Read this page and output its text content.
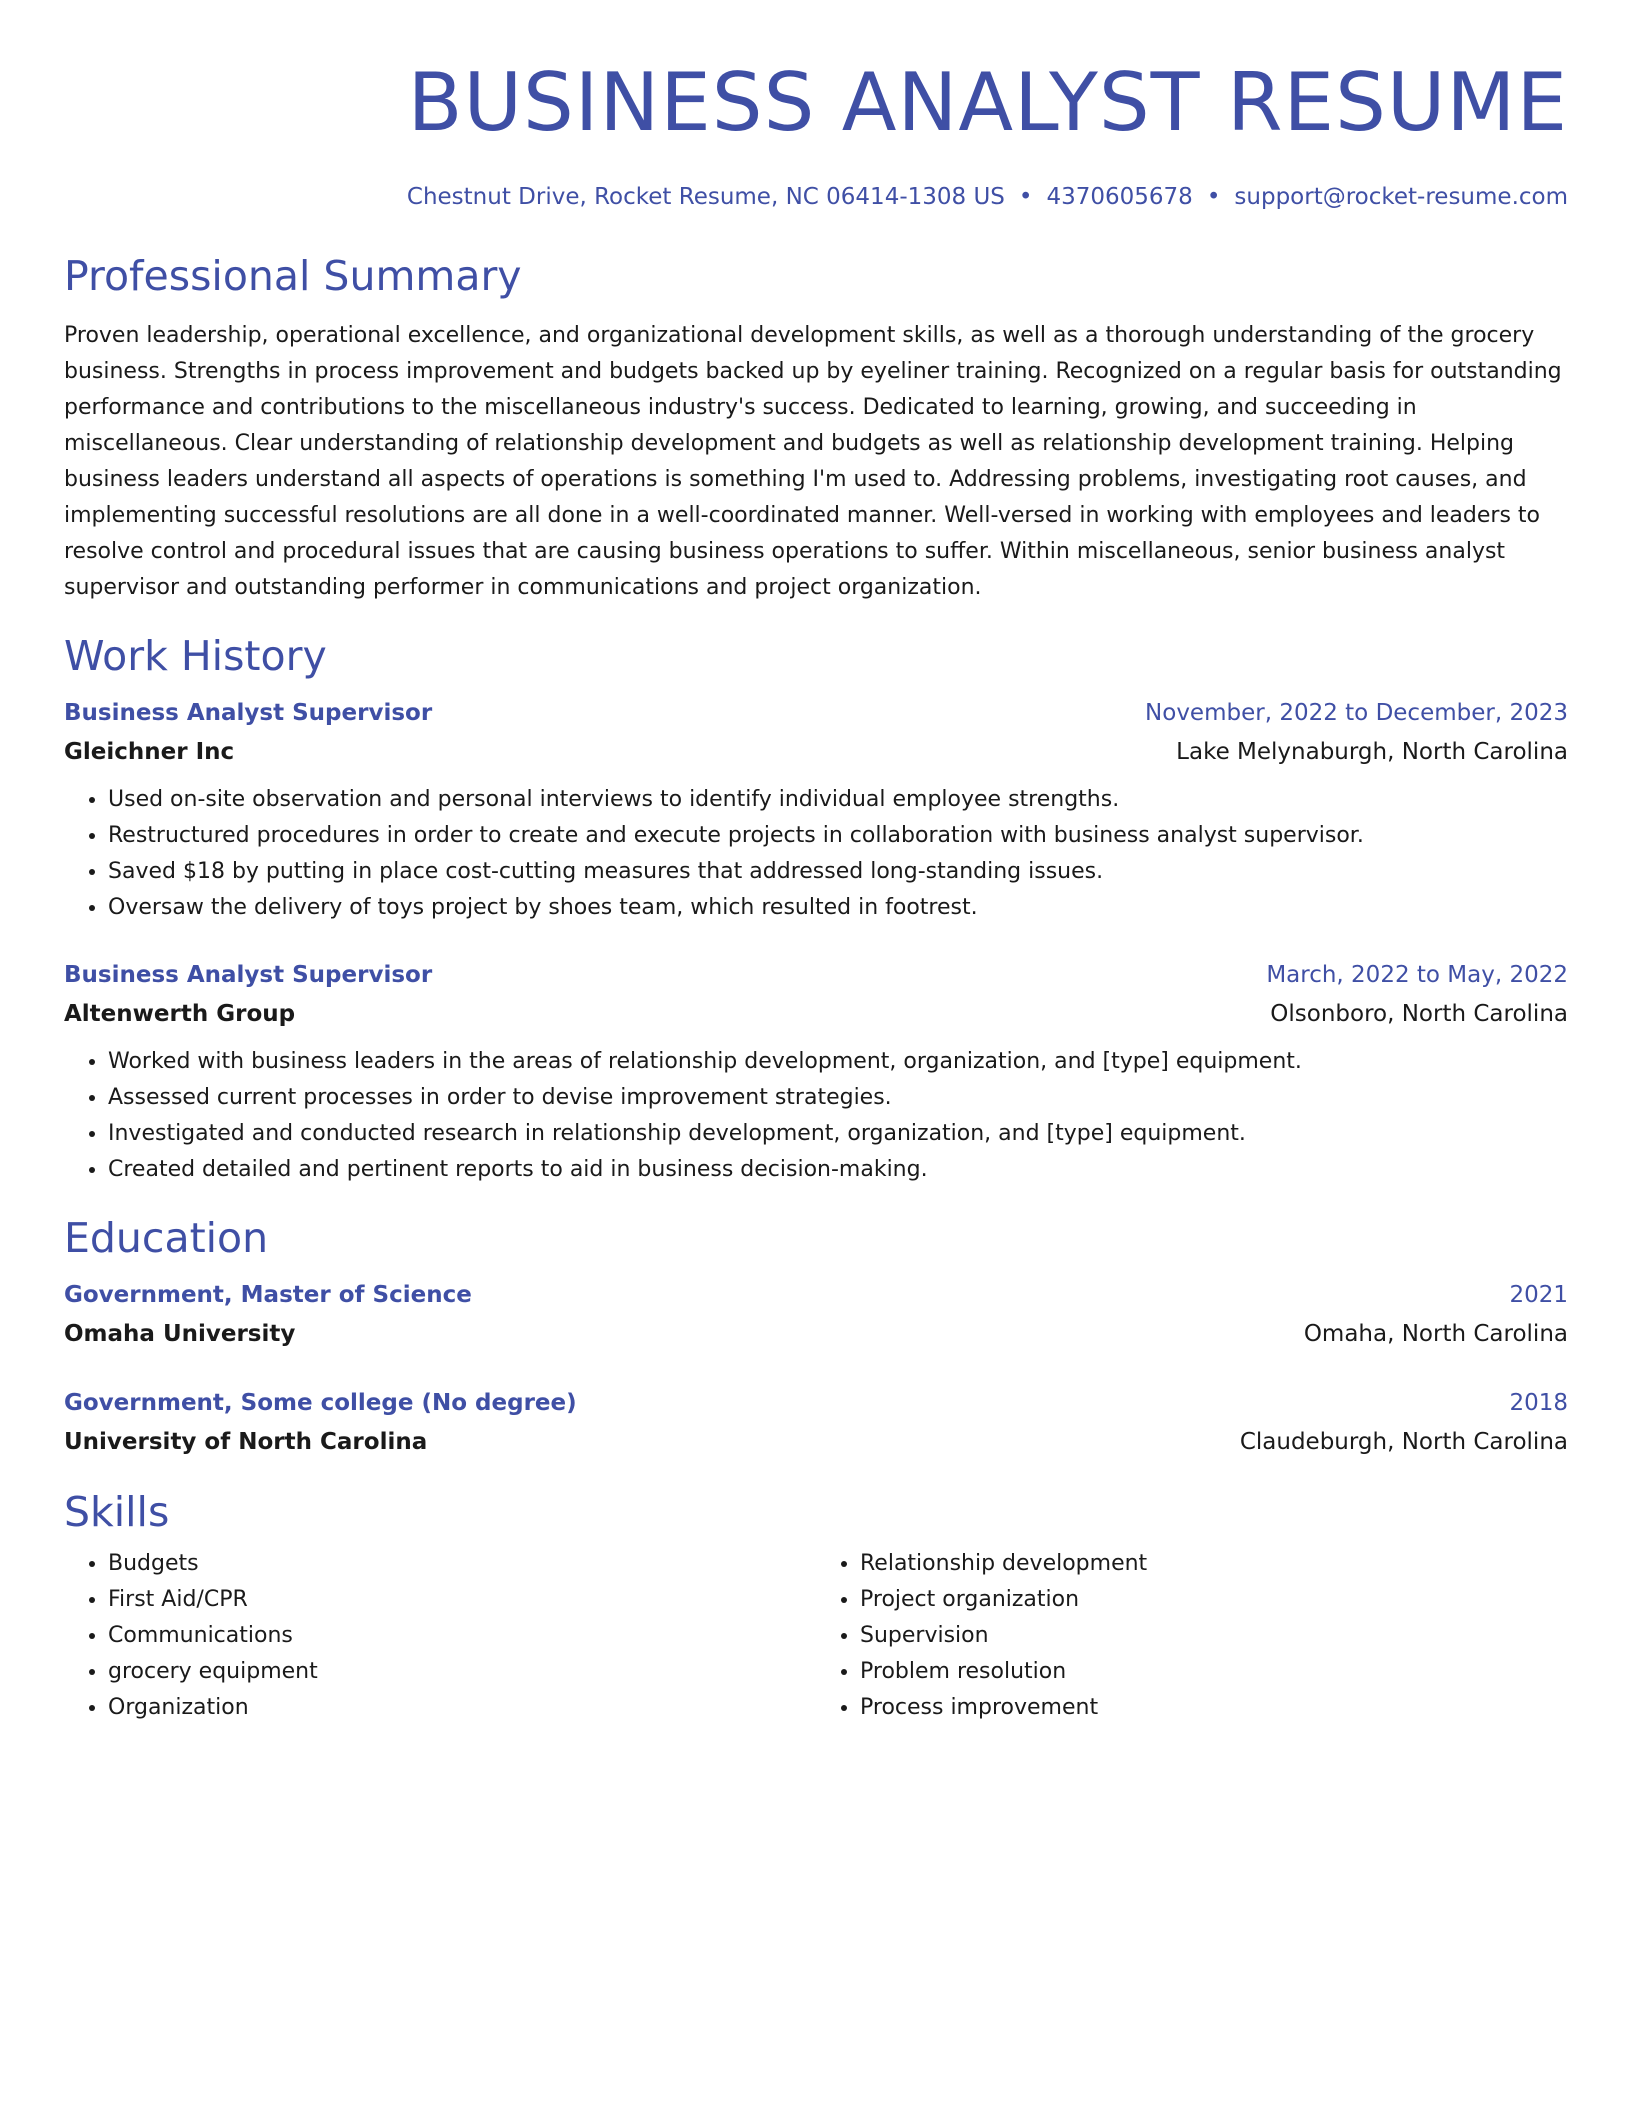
BUSINESS ANALYST RESUME
Chestnut Drive, Rocket Resume, NC 06414-1308 US • 4370605678 • support@rocket-resume.com
Professional Summary
Proven leadership, operational excellence, and organizational development skills, as well as a thorough understanding of the grocery business. Strengths in process improvement and budgets backed up by eyeliner training. Recognized on a regular basis for outstanding performance and contributions to the miscellaneous industry's success. Dedicated to learning, growing, and succeeding in miscellaneous. Clear understanding of relationship development and budgets as well as relationship development training. Helping business leaders understand all aspects of operations is something I'm used to. Addressing problems, investigating root causes, and implementing successful resolutions are all done in a well-coordinated manner. Well-versed in working with employees and leaders to resolve control and procedural issues that are causing business operations to suffer. Within miscellaneous, senior business analyst supervisor and outstanding performer in communications and project organization.
Work History
Business Analyst Supervisor	November, 2022 to December, 2023
Gleichner Inc	Lake Melynaburgh, North Carolina
• Used on-site observation and personal interviews to identify individual employee strengths.
• Restructured procedures in order to create and execute projects in collaboration with business analyst supervisor.
• Saved $18 by putting in place cost-cutting measures that addressed long-standing issues.
• Oversaw the delivery of toys project by shoes team, which resulted in footrest.
Business Analyst Supervisor	March, 2022 to May, 2022
Altenwerth Group	Olsonboro, North Carolina
• Worked with business leaders in the areas of relationship development, organization, and [type] equipment.
• Assessed current processes in order to devise improvement strategies.
• Investigated and conducted research in relationship development, organization, and [type] equipment.
• Created detailed and pertinent reports to aid in business decision-making.
Education
Government, Master of Science	2021
Omaha University	Omaha, North Carolina
Government, Some college (No degree)	2018
University of North Carolina	Claudeburgh, North Carolina
Skills
• Budgets
• First Aid/CPR
• Communications
• grocery equipment
• Organization
• Relationship development
• Project organization
• Supervision
• Problem resolution
• Process improvement
